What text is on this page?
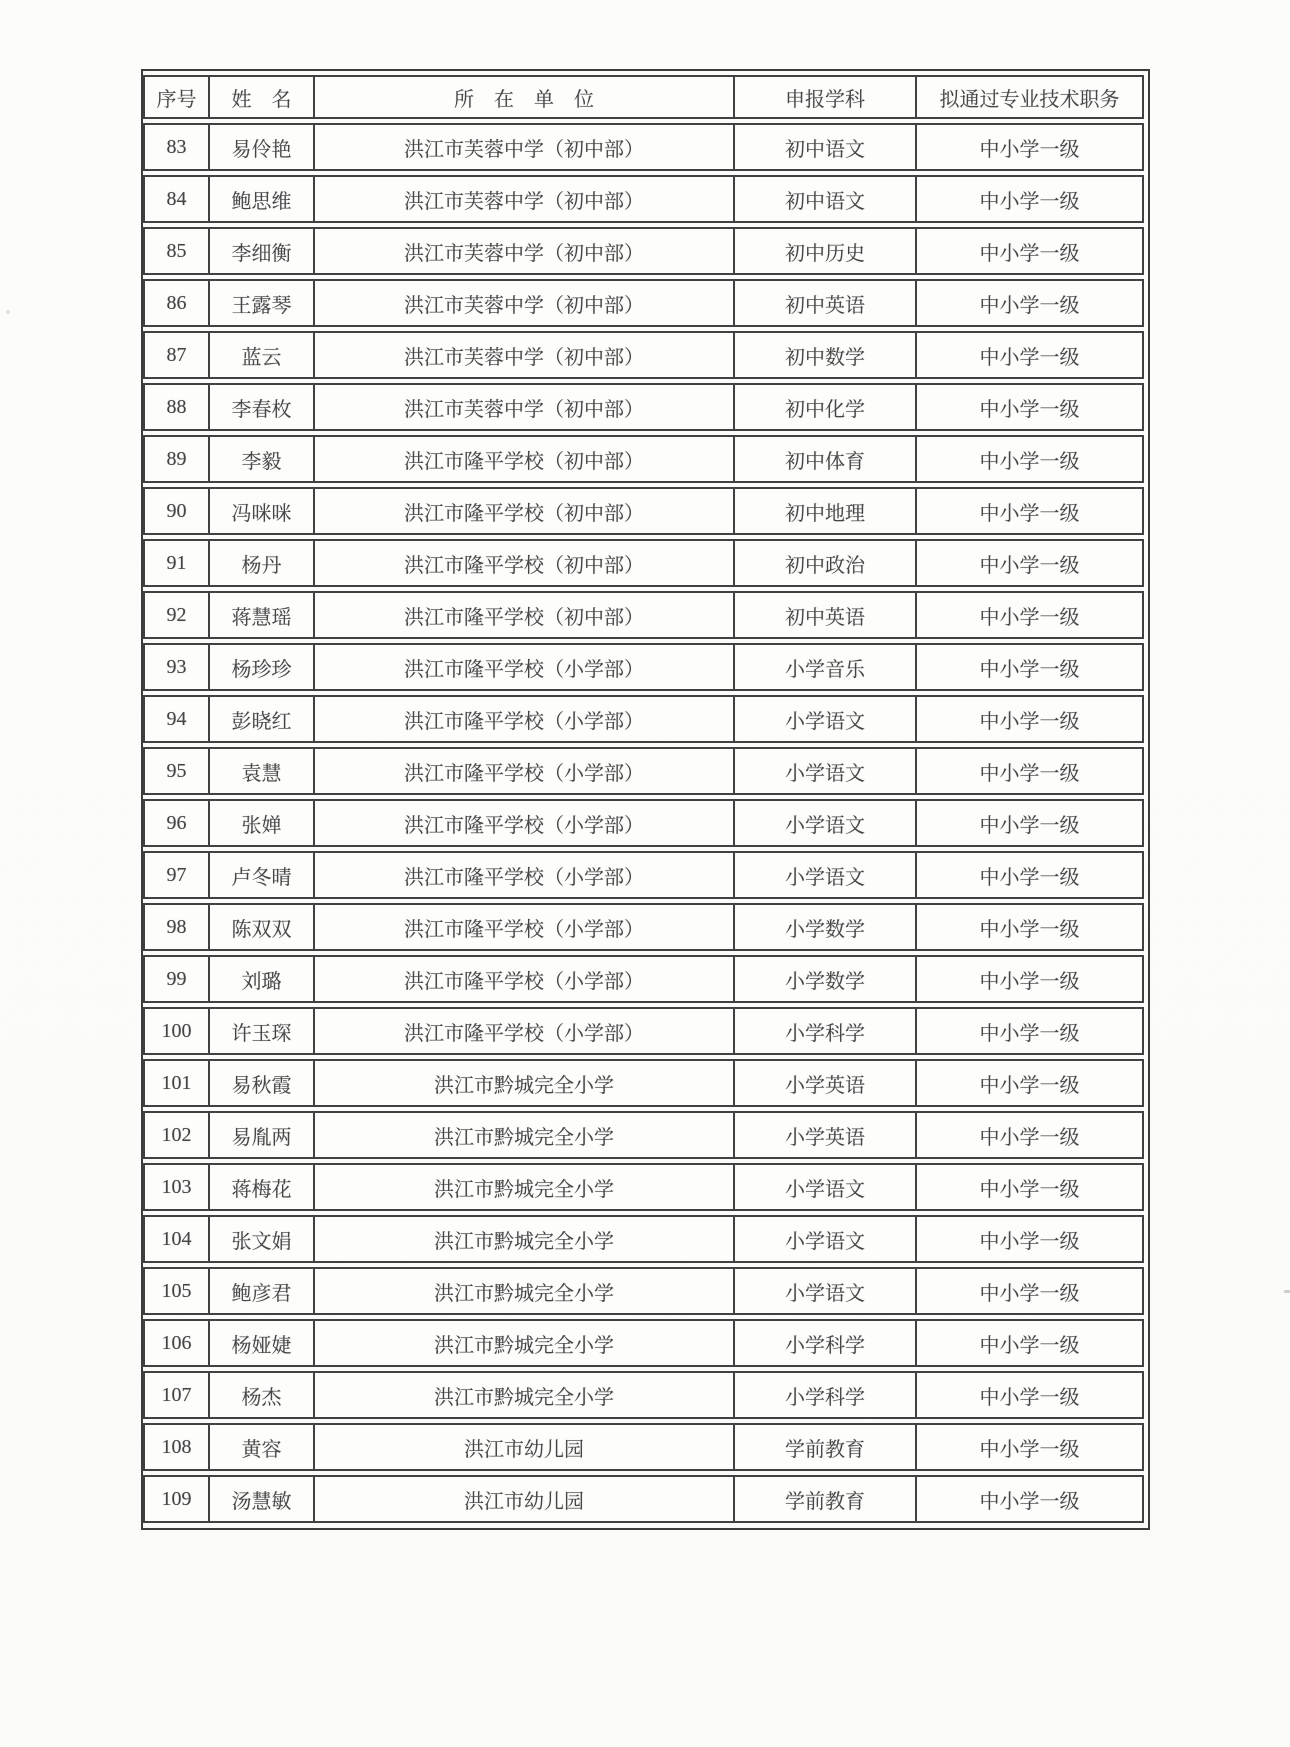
序号	姓　名	所　在　单　位	申报学科	拟通过专业技术职务
83	易伶艳	洪江市芙蓉中学（初中部）	初中语文	中小学一级
84	鲍思维	洪江市芙蓉中学（初中部）	初中语文	中小学一级
85	李细衡	洪江市芙蓉中学（初中部）	初中历史	中小学一级
86	王露琴	洪江市芙蓉中学（初中部）	初中英语	中小学一级
87	蓝云	洪江市芙蓉中学（初中部）	初中数学	中小学一级
88	李春枚	洪江市芙蓉中学（初中部）	初中化学	中小学一级
89	李毅	洪江市隆平学校（初中部）	初中体育	中小学一级
90	冯咪咪	洪江市隆平学校（初中部）	初中地理	中小学一级
91	杨丹	洪江市隆平学校（初中部）	初中政治	中小学一级
92	蒋慧瑶	洪江市隆平学校（初中部）	初中英语	中小学一级
93	杨珍珍	洪江市隆平学校（小学部）	小学音乐	中小学一级
94	彭晓红	洪江市隆平学校（小学部）	小学语文	中小学一级
95	袁慧	洪江市隆平学校（小学部）	小学语文	中小学一级
96	张婵	洪江市隆平学校（小学部）	小学语文	中小学一级
97	卢冬晴	洪江市隆平学校（小学部）	小学语文	中小学一级
98	陈双双	洪江市隆平学校（小学部）	小学数学	中小学一级
99	刘璐	洪江市隆平学校（小学部）	小学数学	中小学一级
100	许玉琛	洪江市隆平学校（小学部）	小学科学	中小学一级
101	易秋霞	洪江市黔城完全小学	小学英语	中小学一级
102	易胤两	洪江市黔城完全小学	小学英语	中小学一级
103	蒋梅花	洪江市黔城完全小学	小学语文	中小学一级
104	张文娟	洪江市黔城完全小学	小学语文	中小学一级
105	鲍彦君	洪江市黔城完全小学	小学语文	中小学一级
106	杨娅婕	洪江市黔城完全小学	小学科学	中小学一级
107	杨杰	洪江市黔城完全小学	小学科学	中小学一级
108	黄容	洪江市幼儿园	学前教育	中小学一级
109	汤慧敏	洪江市幼儿园	学前教育	中小学一级
